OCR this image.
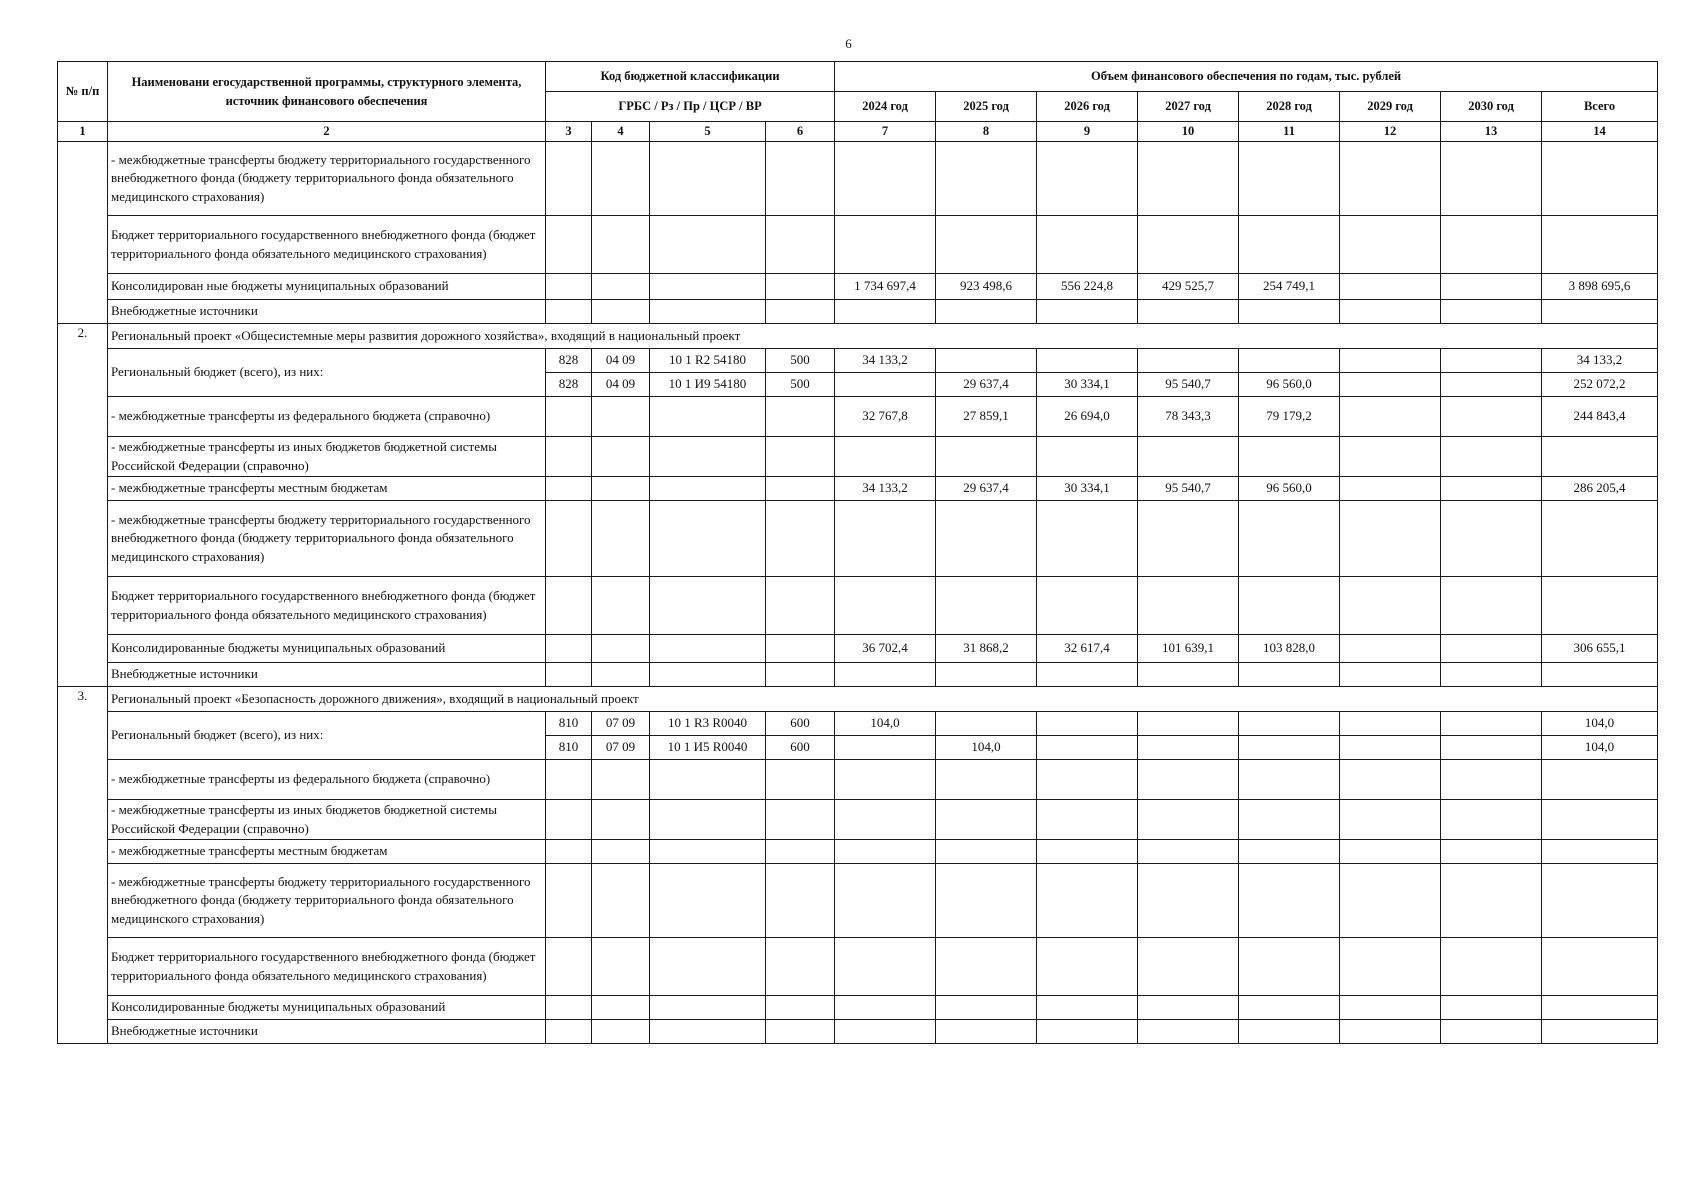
6
№ п/п	Наименовани егосударственной программы, структурного элемента, источник финансового обеспечения	Код бюджетной классификации				Объем финансового обеспечения по годам, тыс. рублей							
		ГРБС / Рз / Пр / ЦСР / ВР				2024 год	2025 год	2026 год	2027 год	2028 год	2029 год	2030 год	Всего
1	2	3	4	5	6	7	8	9	10	11	12	13	14
	- межбюджетные трансферты бюджету территориального государственного внебюджетного фонда (бюджету территориального фонда обязательного медицинского страхования)												
	Бюджет территориального государственного внебюджетного фонда (бюджет территориального фонда обязательного медицинского страхования)												
	Консолидирован ные бюджеты муниципальных образований					1 734 697,4	923 498,6	556 224,8	429 525,7	254 749,1			3 898 695,6
	Внебюджетные источники												
2.	Региональный проект «Общесистемные меры развития дорожного хозяйства», входящий в национальный проект												
	Региональный бюджет (всего), из них:	828	04 09	10 1 R2 54180	500	34 133,2							34 133,2
		828	04 09	10 1 И9 54180	500		29 637,4	30 334,1	95 540,7	96 560,0			252 072,2
	- межбюджетные трансферты из федерального бюджета (справочно)					32 767,8	27 859,1	26 694,0	78 343,3	79 179,2			244 843,4
	- межбюджетные трансферты из иных бюджетов бюджетной системы Российской Федерации (справочно)												
	- межбюджетные трансферты местным бюджетам					34 133,2	29 637,4	30 334,1	95 540,7	96 560,0			286 205,4
	- межбюджетные трансферты бюджету территориального государственного внебюджетного фонда (бюджету территориального фонда обязательного медицинского страхования)												
	Бюджет территориального государственного внебюджетного фонда (бюджет территориального фонда обязательного медицинского страхования)												
	Консолидированные бюджеты муниципальных образований					36 702,4	31 868,2	32 617,4	101 639,1	103 828,0			306 655,1
	Внебюджетные источники												
3.	Региональный проект «Безопасность дорожного движения», входящий в национальный проект												
	Региональный бюджет (всего), из них:	810	07 09	10 1 R3 R0040	600	104,0							104,0
		810	07 09	10 1 И5 R0040	600		104,0						104,0
	- межбюджетные трансферты из федерального бюджета (справочно)												
	- межбюджетные трансферты из иных бюджетов бюджетной системы Российской Федерации (справочно)												
	- межбюджетные трансферты местным бюджетам												
	- межбюджетные трансферты бюджету территориального государственного внебюджетного фонда (бюджету территориального фонда обязательного медицинского страхования)												
	Бюджет территориального государственного внебюджетного фонда (бюджет территориального фонда обязательного медицинского страхования)												
	Консолидированные бюджеты муниципальных образований												
	Внебюджетные источники												
